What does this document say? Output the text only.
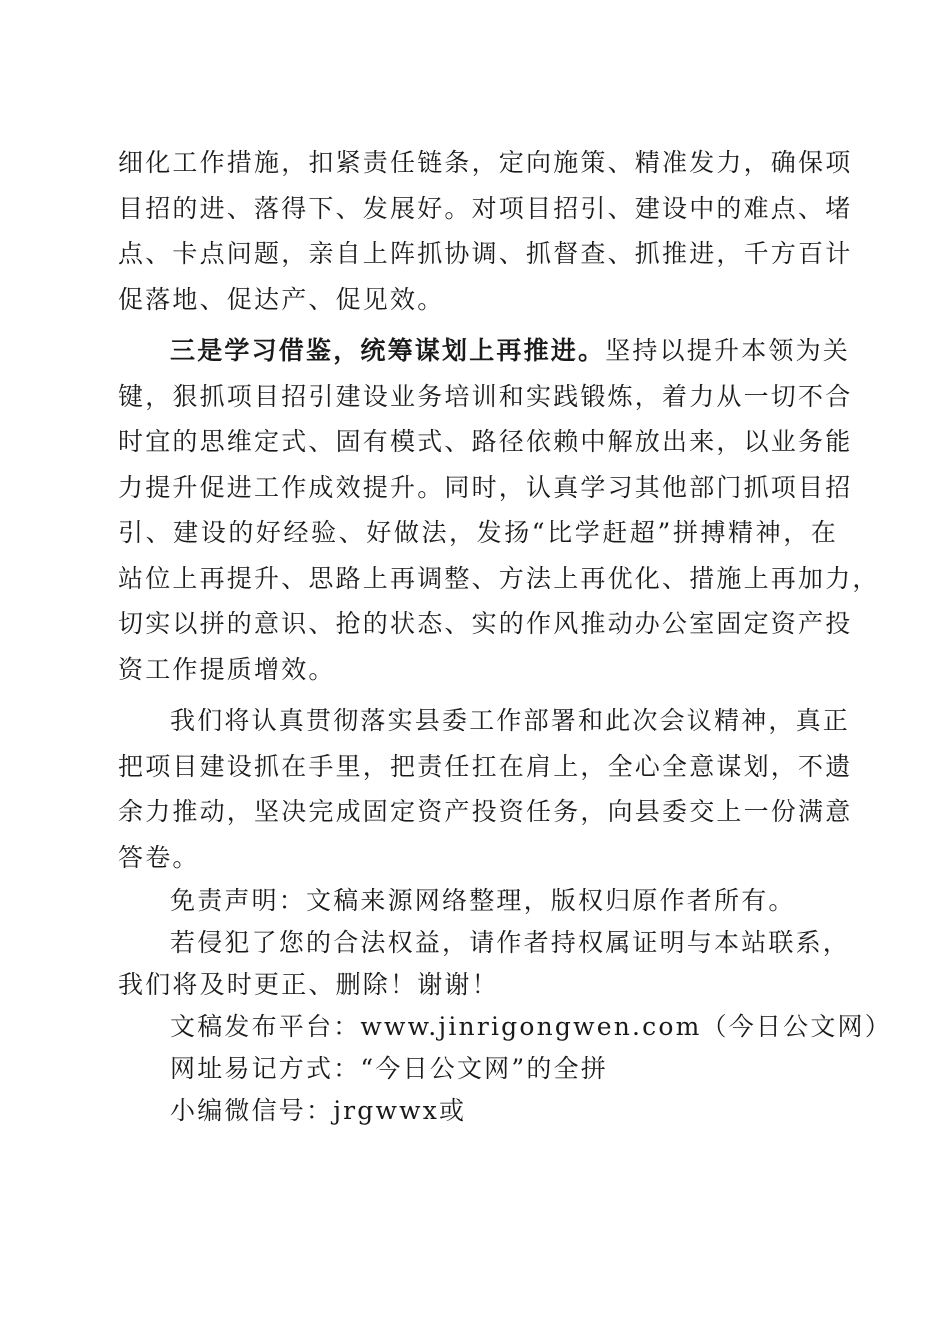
细化工作措施，扣紧责任链条，定向施策、精准发力，确保项
目招的进、落得下、发展好。对项目招引、建设中的难点、堵
点、卡点问题，亲自上阵抓协调、抓督查、抓推进，千方百计
促落地、促达产、促见效。
三是学习借鉴，统筹谋划上再推进。坚持以提升本领为关
键，狠抓项目招引建设业务培训和实践锻炼，着力从一切不合
时宜的思维定式、固有模式、路径依赖中解放出来，以业务能
力提升促进工作成效提升。同时，认真学习其他部门抓项目招
引、建设的好经验、好做法，发扬“比学赶超”拼搏精神，在
站位上再提升、思路上再调整、方法上再优化、措施上再加力，
切实以拼的意识、抢的状态、实的作风推动办公室固定资产投
资工作提质增效。
我们将认真贯彻落实县委工作部署和此次会议精神，真正
把项目建设抓在手里，把责任扛在肩上，全心全意谋划，不遗
余力推动，坚决完成固定资产投资任务，向县委交上一份满意
答卷。
免责声明：文稿来源网络整理，版权归原作者所有。
若侵犯了您的合法权益，请作者持权属证明与本站联系，
我们将及时更正、删除！谢谢！
文稿发布平台：www.jinrigongwen.com（今日公文网）
网址易记方式：“今日公文网”的全拼
小编微信号：jrgwwx或
